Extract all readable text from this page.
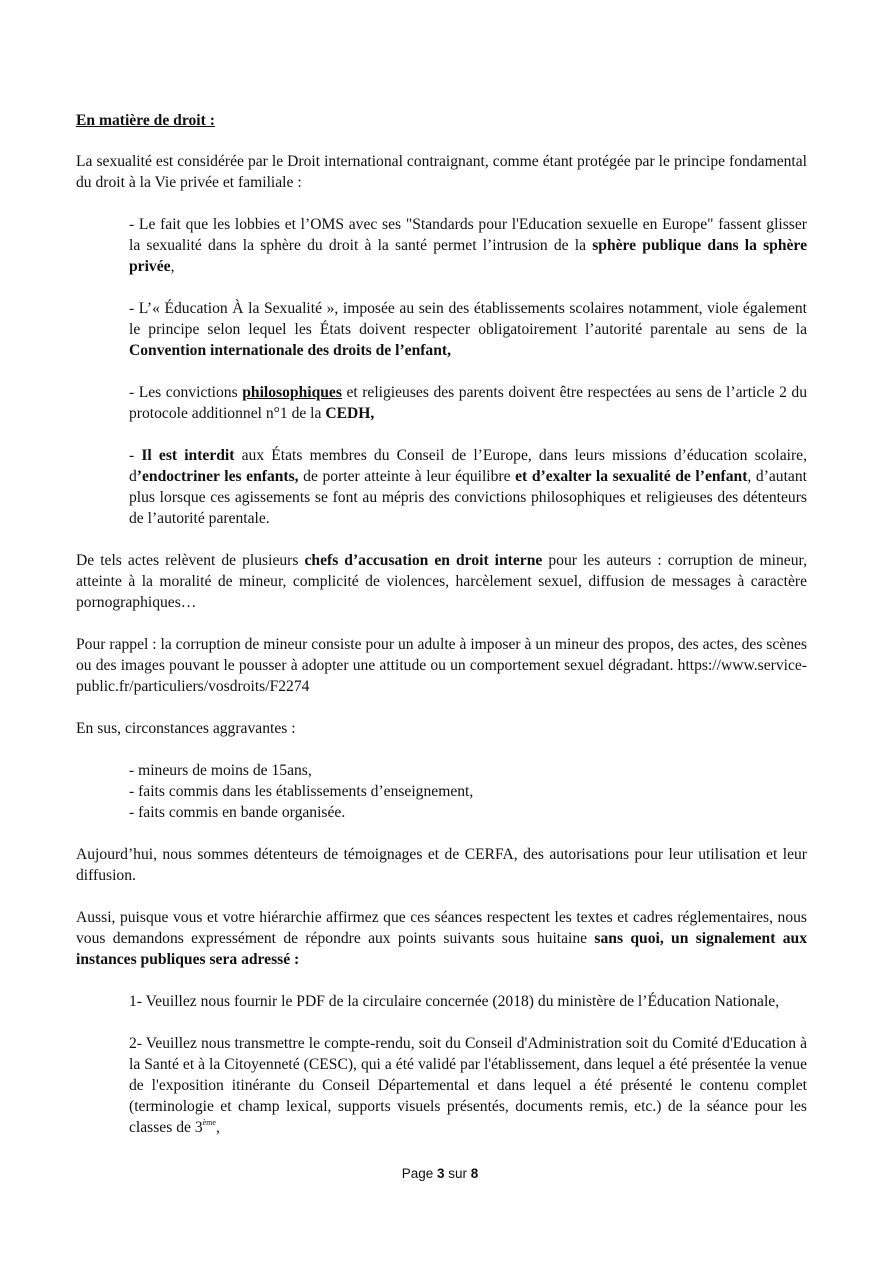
En matière de droit :

La sexualité est considérée par le Droit international contraignant, comme étant protégée par le principe fondamental du droit à la Vie privée et familiale :

- Le fait que les lobbies et l’OMS avec ses "Standards pour l'Education sexuelle en Europe" fassent glisser la sexualité dans la sphère du droit à la santé permet l’intrusion de la sphère publique dans la sphère privée,

- L’« Éducation À la Sexualité », imposée au sein des établissements scolaires notamment, viole également le principe selon lequel les États doivent respecter obligatoirement l’autorité parentale au sens de la Convention internationale des droits de l’enfant,

- Les convictions philosophiques et religieuses des parents doivent être respectées au sens de l’article 2 du protocole additionnel n°1 de la CEDH,

- Il est interdit aux États membres du Conseil de l’Europe, dans leurs missions d’éducation scolaire, d’endoctriner les enfants, de porter atteinte à leur équilibre et d’exalter la sexualité de l’enfant, d’autant plus lorsque ces agissements se font au mépris des convictions philosophiques et religieuses des détenteurs de l’autorité parentale.

De tels actes relèvent de plusieurs chefs d’accusation en droit interne pour les auteurs : corruption de mineur, atteinte à la moralité de mineur, complicité de violences, harcèlement sexuel, diffusion de messages à caractère pornographiques…

Pour rappel : la corruption de mineur consiste pour un adulte à imposer à un mineur des propos, des actes, des scènes ou des images pouvant le pousser à adopter une attitude ou un comportement sexuel dégradant. https://www.service-public.fr/particuliers/vosdroits/F2274

En sus, circonstances aggravantes :

- mineurs de moins de 15ans,

- faits commis dans les établissements d’enseignement,

- faits commis en bande organisée.

Aujourd’hui, nous sommes détenteurs de témoignages et de CERFA, des autorisations pour leur utilisation et leur diffusion.

Aussi, puisque vous et votre hiérarchie affirmez que ces séances respectent les textes et cadres réglementaires, nous vous demandons expressément de répondre aux points suivants sous huitaine sans quoi, un signalement aux instances publiques sera adressé :

1- Veuillez nous fournir le PDF de la circulaire concernée (2018) du ministère de l’Éducation Nationale,

2- Veuillez nous transmettre le compte-rendu, soit du Conseil d'Administration soit du Comité d'Education à la Santé et à la Citoyenneté (CESC), qui a été validé par l'établissement, dans lequel a été présentée la venue de l'exposition itinérante du Conseil Départemental et dans lequel a été présenté le contenu complet (terminologie et champ lexical, supports visuels présentés, documents remis, etc.) de la séance pour les classes de 3ème,

Page 3 sur 8
